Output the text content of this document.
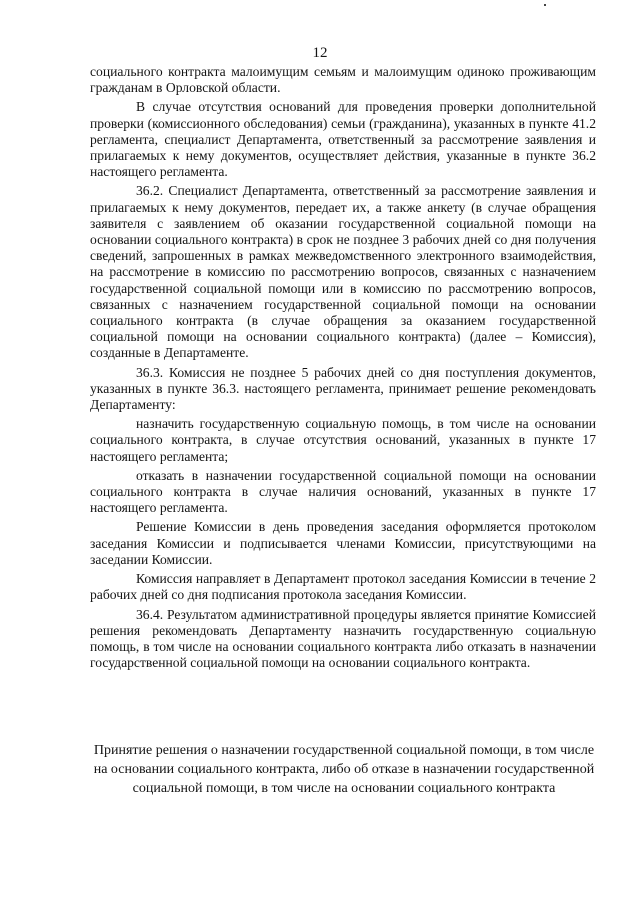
12

социального контракта малоимущим семьям и малоимущим одиноко проживающим гражданам в Орловской области.

В случае отсутствия оснований для проведения проверки дополнительной проверки (комиссионного обследования) семьи (гражданина), указанных в пункте 41.2 регламента, специалист Департамента, ответственный за рассмотрение заявления и прилагаемых к нему документов, осуществляет действия, указанные в пункте 36.2 настоящего регламента.

36.2. Специалист Департамента, ответственный за рассмотрение заявления и прилагаемых к нему документов, передает их, а также анкету (в случае обращения заявителя с заявлением об оказании государственной социальной помощи на основании социального контракта) в срок не позднее 3 рабочих дней со дня получения сведений, запрошенных в рамках межведомственного электронного взаимодействия, на рассмотрение в комиссию по рассмотрению вопросов, связанных с назначением государственной социальной помощи или в комиссию по рассмотрению вопросов, связанных с назначением государственной социальной помощи на основании социального контракта (в случае обращения за оказанием государственной социальной помощи на основании социального контракта) (далее – Комиссия), созданные в Департаменте.

36.3. Комиссия не позднее 5 рабочих дней со дня поступления документов, указанных в пункте 36.3. настоящего регламента, принимает решение рекомендовать Департаменту:

назначить государственную социальную помощь, в том числе на основании социального контракта, в случае отсутствия оснований, указанных в пункте 17 настоящего регламента;

отказать в назначении государственной социальной помощи на основании социального контракта в случае наличия оснований, указанных в пункте 17 настоящего регламента.

Решение Комиссии в день проведения заседания оформляется протоколом заседания Комиссии и подписывается членами Комиссии, присутствующими на заседании Комиссии.

Комиссия направляет в Департамент протокол заседания Комиссии в течение 2 рабочих дней со дня подписания протокола заседания Комиссии.

36.4. Результатом административной процедуры является принятие Комиссией решения рекомендовать Департаменту назначить государственную социальную помощь, в том числе на основании социального контракта либо отказать в назначении государственной социальной помощи на основании социального контракта.

Принятие решения о назначении государственной социальной помощи, в том числе на основании социального контракта, либо об отказе в назначении государственной социальной помощи, в том числе на основании социального контракта
